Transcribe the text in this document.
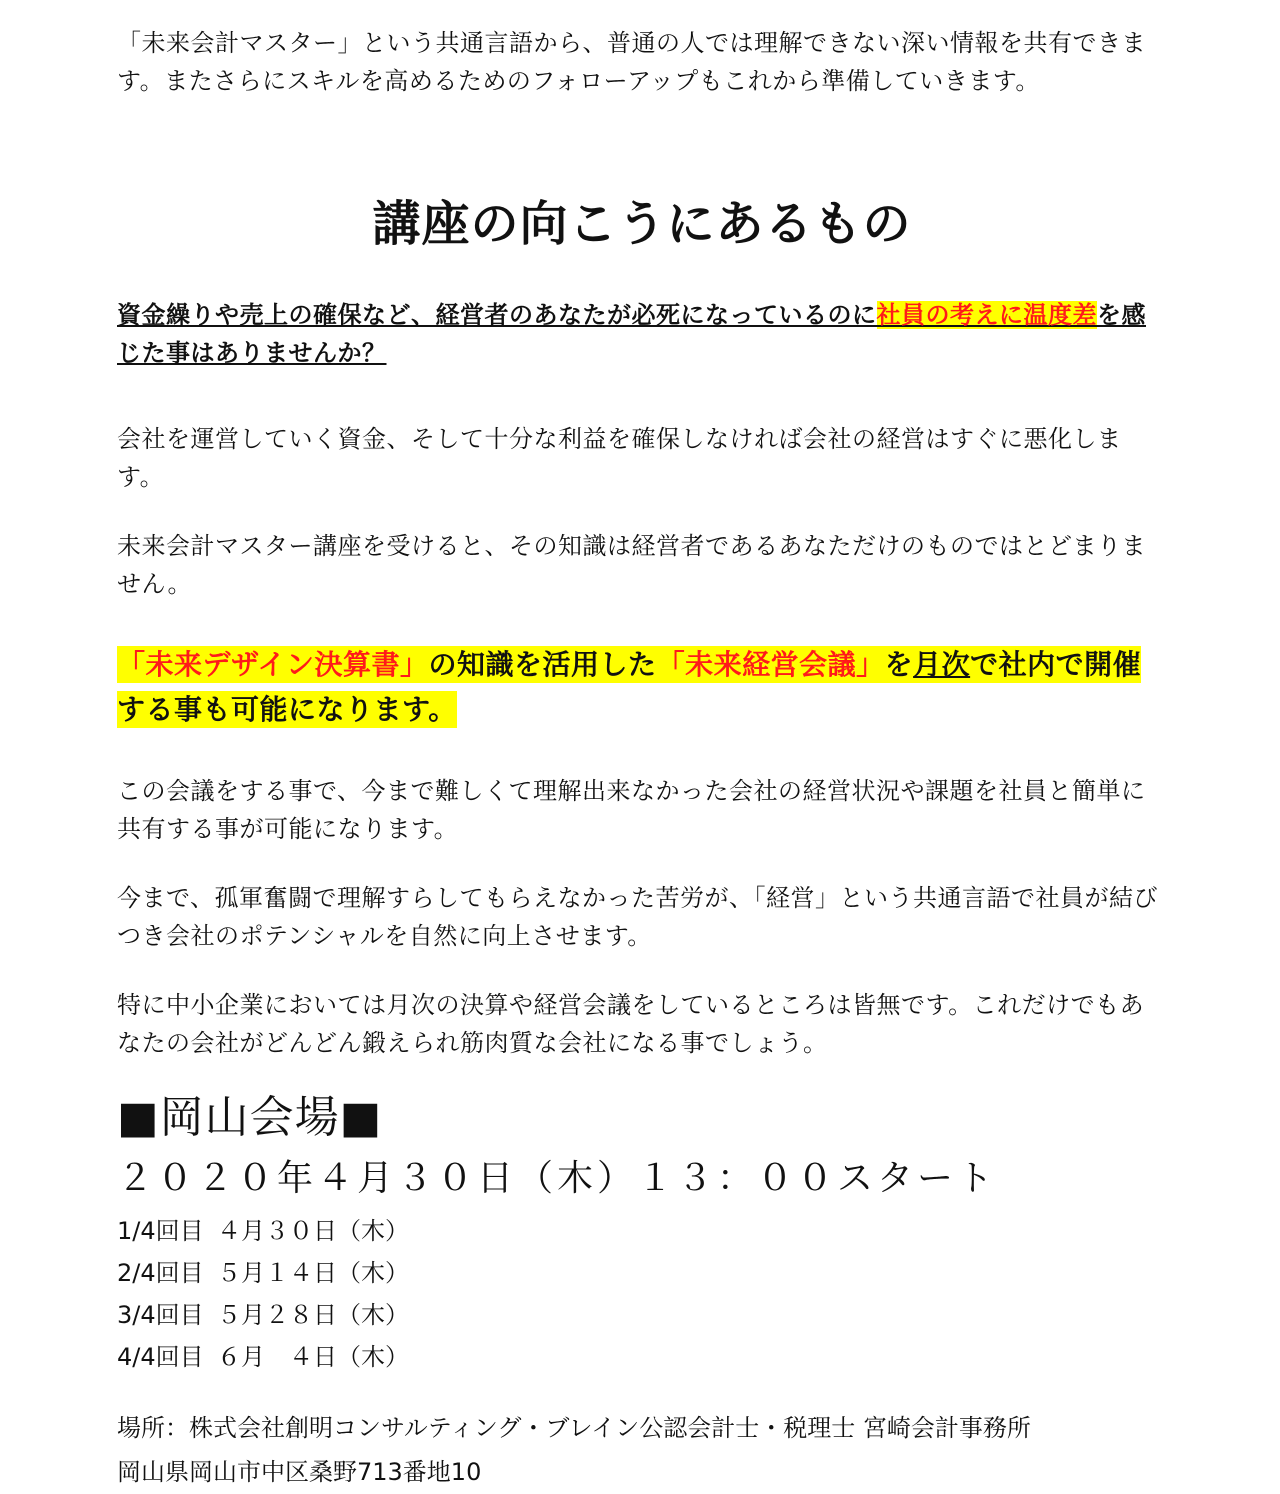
「未来会計マスター」という共通言語から、普通の人では理解できない深い情報を共有できます。またさらにスキルを高めるためのフォローアップもこれから準備していきます。

講座の向こうにあるもの

資金繰りや売上の確保など、経営者のあなたが必死になっているのに社員の考えに温度差を感じた事はありませんか？

会社を運営していく資金、そして十分な利益を確保しなければ会社の経営はすぐに悪化します。

未来会計マスター講座を受けると、その知識は経営者であるあなただけのものではとどまりません。

「未来デザイン決算書」の知識を活用した「未来経営会議」を月次で社内で開催する事も可能になります。

この会議をする事で、今まで難しくて理解出来なかった会社の経営状況や課題を社員と簡単に共有する事が可能になります。

今まで、孤軍奮闘で理解すらしてもらえなかった苦労が、「経営」という共通言語で社員が結びつき会社のポテンシャルを自然に向上させます。

特に中小企業においては月次の決算や経営会議をしているところは皆無です。これだけでもあなたの会社がどんどん鍛えられ筋肉質な会社になる事でしょう。

■岡山会場■
２０２０年４月３０日（木）１３：００スタート
1/4回目 ４月３０日（木）
2/4回目 ５月１４日（木）
3/4回目 ５月２８日（木）
4/4回目 ６月　４日（木）
場所：株式会社創明コンサルティング・ブレイン公認会計士・税理士 宮崎会計事務所
岡山県岡山市中区桑野713番地10
